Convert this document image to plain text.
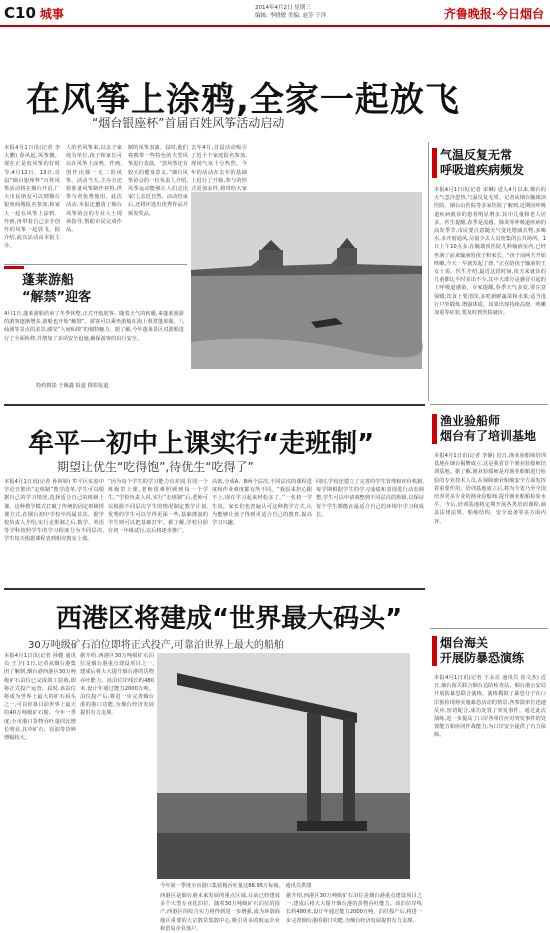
C10 城事	2014年4月2日 星期三
编辑: 李晓敏 美编: 赵芳 于萍	齐鲁晚报·今日烟台
在风筝上涂鸦,全家一起放飞
“烟台银座杯”首届百姓风筝活动启动
本报4月1日讯(记者 李大鹏) 春风起,风筝飘。现在正是放风筝的好时节,4月12日、13日,首届“烟台银座杯”百姓风筝活动将在烟台开启,广大市民朋友可以到烟台银座商城报名参加,和家人一起在风筝上涂鸦、作画,再带着自己亲手创作的风筝一起放飞。据介绍,此次活动由本报主办。
人的名风筝来,以亲子家庭为单位,孩子和家长可以在风筝上涂鸦、作画,创作出独一无二的风筝。活动当天,主办方还将准备风筝制作材料,供参与者免费使用。此次活动,本报还邀请了烟台风筝协会的专业人士现场指导,帮助市民完成作品。
制的风筝表演。届时,他们将携带一些特色的大型风筝进行表演。“放风筝还有较大的健身意义。”烟台风筝协会的一位负责人介绍,风筝运动能够让人们走出家门,亲近自然。活动结束后,还将评选出优秀作品并颁发奖品。
去年4月,首届活动吸引了近千个家庭报名参加,现场气氛十分热烈。今年的活动在去年的基础上进行了升级,参与的形式更加多样,将带给大家
气温反复无常
呼吸道疾病频发
本报4月1日讯(记者 宋琳) 进入4月以来,烟台的天气忽冷忽热,气温反复无常。记者从烟台毓璜顶医院、烟台山医院等多家医院了解到,近期因呼吸道疾病就诊的患者明显增多,其中儿童和老人居多。医生提醒,春季是流感、肺炎等呼吸道疾病的高发季节,市民要注意随天气变化增减衣物,多喝水,多开窗通风,尽量少去人员密集的公共场所。1日上午10点多,在毓璜顶医院儿科输液室内,已经坐满了前来输液的孩子和家长。“孩子前两天开始咳嗽,今天一早就发起了烧。”正在陪孩子输液的王女士说。医生介绍,最近这段时间,每天来就诊的儿童都比平时多出不少,其中大部分是感冒引起的上呼吸道感染。专家提醒,春季天气多变,要注意保暖;饮食上要清淡,多吃新鲜蔬菜和水果;适当进行户外锻炼,增强体质。如果出现持续高烧、咳嗽加重等症状,要及时到医院就诊。
蓬莱游船
“解禁”迎客
4月1日,蓬莱游船结束了冬季休整,正式开航迎客。随着天气的转暖,来蓬莱旅游的游客逐渐增多,游船也开始“解禁”。游客可以乘坐游船在海上观赏蓬莱阁、八仙渡等景点的美景,感受“人间仙境”的独特魅力。据了解,今年蓬莱景区对游船进行了全面检修,并增加了多项安全设施,确保游客的出行安全。
特约摄影 于佩鑫 报道 摄影报道
牟平一初中上课实行“走班制”
期望让优生“吃得饱”,待优生“吃得了”
本报4月1日讯(记者 孙婷婷) 牟平区实验中学近日推出“走班制”教学改革,学生可以根据自己的学习情况,选择适合自己的班级上课。这种教学模式打破了传统的固定班级授课方式,在烟台初中学校中尚属首次。据学校负责人介绍,实行走班制之后,数学、英语等学科按照学生的学习程度分为不同层次,学生每天根据课程表到相应教室上课。
“因为每个学生的学习能力有差别,在同一个班级里上课,老师很难照顾到每一个学生。”学校负责人说,实行“走班制”后,老师可以根据不同层次学生的情况制定教学计划,优秀的学生可以学得更深一些,基础薄弱的学生则可以把基础打牢。据了解,学校目前在初一年级试行,以后将逐步推广。
高低,分成A、B两个层次,不同层次的课程进度和作业难度都有所不同。“我原来担心跟不上,现在学习起来轻松多了。”一名初一学生说。家长们也普遍认可这种教学方式,认为能够让孩子得到更适合自己的教育,提高学习兴趣。
同时,学校还建立了完善的学生管理和评价机制,每学期根据学生的学习成绩和表现进行动态调整,学生可以申请调整到不同层次的班级,以保证每个学生都能在最适合自己的环境中学习和成长。
渔业验船师
烟台有了培训基地
本报4月1日讯(记者 李静) 近日,渔业验船师培训基地在烟台揭牌成立,这是我省首个渔业验船师培训基地。据了解,渔业验船师是对渔业船舶进行检验的专业技术人员,在保障渔业船舶安全方面发挥着重要作用。培训基地成立后,将为全省乃至全国培养更多专业的渔业验船师,提升渔业船舶检验水平。今后,培训基地将定期开展各类培训课程,涵盖法律法规、船舶结构、安全设备等多方面内容。
西港区将建成“世界最大码头”
30万吨级矿石泊位即将正式投产,可靠泊世界上最大的船舶
本报4月1日讯(记者 孙健 通讯员 王卫) 1日,记者从烟台港集团了解到,烟台港西港区30万吨级矿石泊位已完成竣工验收,即将正式投产运营。届时,该泊位将成为世界上最大的矿石码头之一,可以停靠目前世界上最大的40万吨级矿石船。今年一季度,全市港口货物吞吐量同比增长明显,其中矿石、原油等货种增幅较大。
据介绍,西港区30万吨级矿石泊位是烟台港重点建设项目之一,建成后将大大提升烟台港的货物吞吐能力。该泊位岸线长约480米,设计年通过能力2000万吨。泊位投产后,将进一步完善烟台港的港口功能,为烟台经济发展提供有力支撑。
今年第一季度全市港口集装箱吞吐量达88.95万标箱。 通讯员供图
西港区是烟台港未来发展的重点区域,目前已经建成多个大型专业化泊位。随着30万吨级矿石泊位的投产,西港区的综合实力将得到进一步增强,成为环渤海地区重要的大宗散货集散中心,吸引更多的航运企业和贸易企业落户。
据介绍,西港区30万吨级矿石泊位是烟台港重点建设项目之一,建成后将大大提升烟台港的货物吞吐能力。该泊位岸线长约480米,设计年通过能力2000万吨。泊位投产后,将进一步完善烟台港的港口功能,为烟台经济发展提供有力支撑。
烟台海关
开展防暴恐演练
本报4月1日讯(记者 王永亮 通讯员 崔文杰) 近日,烟台海关联合烟台边防检查站、烟台港公安局开展防暴恐联合演练。演练模拟了暴恐分子在口岸旅检现场实施暴恐活动的情景,各参演单位迅速反应,密切配合,成功处置了突发事件。通过此次演练,进一步提高了口岸各单位应对突发事件的处置能力和协同作战能力,为口岸安全提供了有力保障。
